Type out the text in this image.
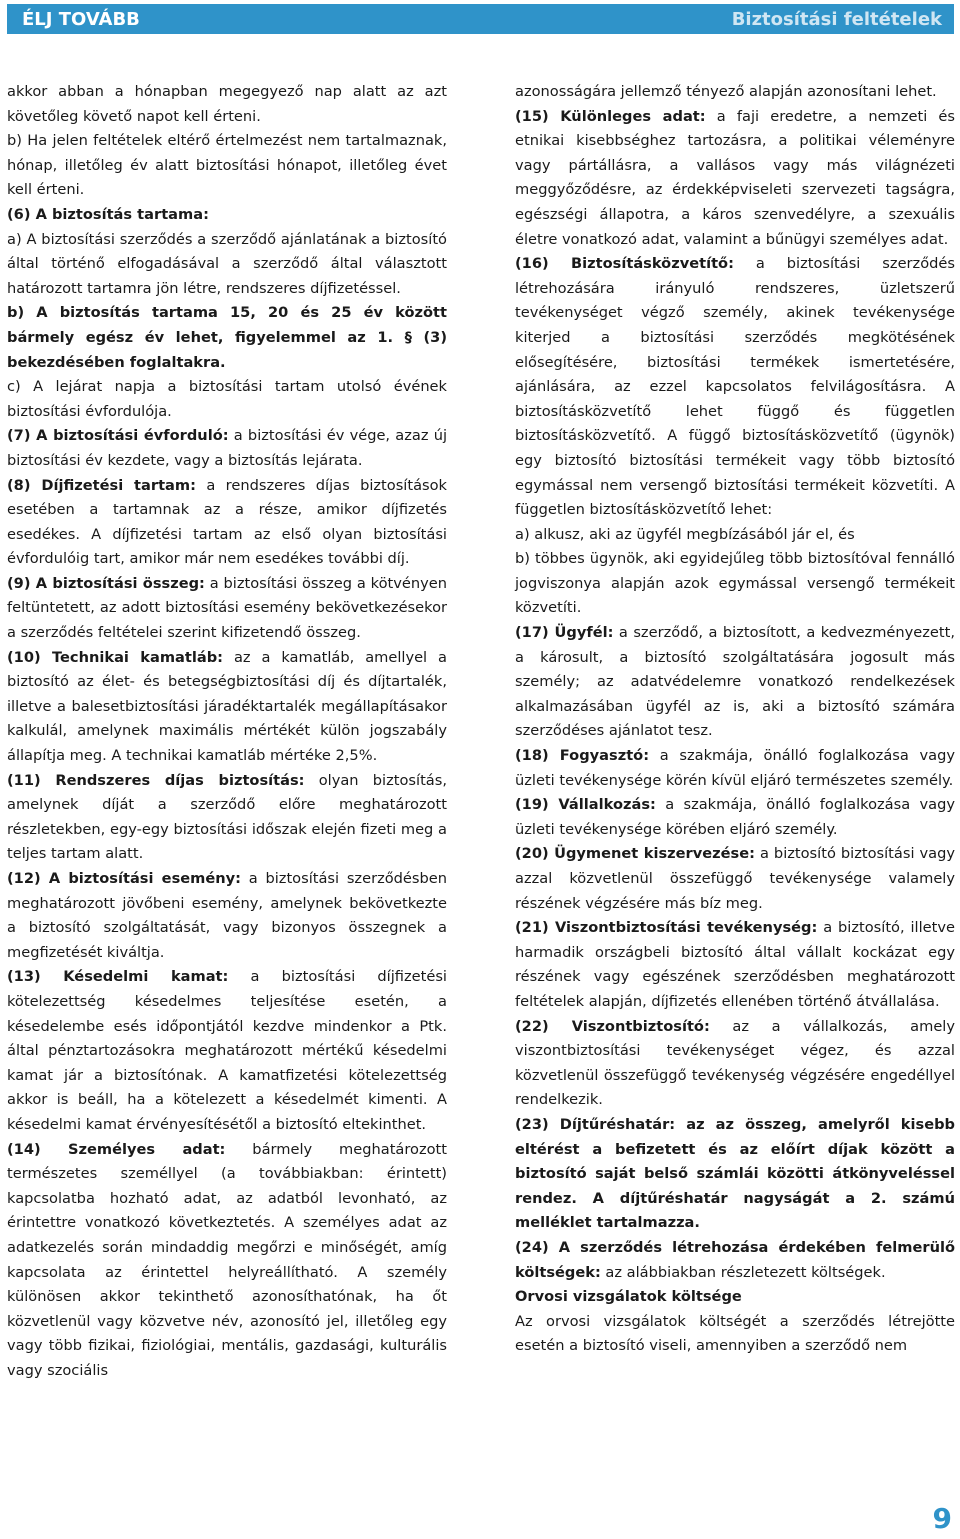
ÉLJ TOVÁBB	Biztosítási feltételek

akkor abban a hónapban megegyező nap alatt az azt követőleg követő napot kell érteni.

b) Ha jelen feltételek eltérő értelmezést nem tartalmaznak, hónap, illetőleg év alatt biztosítási hónapot, illetőleg évet kell érteni.

(6) A biztosítás tartama:

a) A biztosítási szerződés a szerződő ajánlatának a biztosító által történő elfogadásával a szerződő által választott határozott tartamra jön létre, rendszeres díjfizetéssel.

b) A biztosítás tartama 15, 20 és 25 év között bármely egész év lehet, figyelemmel az 1. § (3) bekezdésében foglaltakra.

c) A lejárat napja a biztosítási tartam utolsó évének biztosítási évfordulója.

(7) A biztosítási évforduló: a biztosítási év vége, azaz új biztosítási év kezdete, vagy a biztosítás lejárata.

(8) Díjfizetési tartam: a rendszeres díjas biztosítások esetében a tartamnak az a része, amikor díjfizetés esedékes. A díjfizetési tartam az első olyan biztosítási évfordulóig tart, amikor már nem esedékes további díj.

(9) A biztosítási összeg: a biztosítási összeg a kötvényen feltüntetett, az adott biztosítási esemény bekövetkezésekor a szerződés feltételei szerint kifizetendő összeg.

(10) Technikai kamatláb: az a kamatláb, amellyel a biztosító az élet- és betegségbiztosítási díj és díjtartalék, illetve a balesetbiztosítási járadéktartalék megállapításakor kalkulál, amelynek maximális mértékét külön jogszabály állapítja meg. A technikai kamatláb mértéke 2,5%.

(11) Rendszeres díjas biztosítás: olyan biztosítás, amelynek díját a szerződő előre meghatározott részletekben, egy-egy biztosítási időszak elején fizeti meg a teljes tartam alatt.

(12) A biztosítási esemény: a biztosítási szerződésben meghatározott jövőbeni esemény, amelynek bekövetkezte a biztosító szolgáltatását, vagy bizonyos összegnek a megfizetését kiváltja.

(13) Késedelmi kamat: a biztosítási díjfizetési kötelezettség késedelmes teljesítése esetén, a késedelembe esés időpontjától kezdve mindenkor a Ptk. által pénztartozásokra meghatározott mértékű késedelmi kamat jár a biztosítónak. A kamatfizetési kötelezettség akkor is beáll, ha a kötelezett a késedelmét kimenti. A késedelmi kamat érvényesítésétől a biztosító eltekinthet.

(14) Személyes adat: bármely meghatározott természetes személlyel (a továbbiakban: érintett) kapcsolatba hozható adat, az adatból levonható, az érintettre vonatkozó következtetés. A személyes adat az adatkezelés során mindaddig megőrzi e minőségét, amíg kapcsolata az érintettel helyreállítható. A személy különösen akkor tekinthető azonosíthatónak, ha őt közvetlenül vagy közvetve név, azonosító jel, illetőleg egy vagy több fizikai, fiziológiai, mentális, gazdasági, kulturális vagy szociális

azonosságára jellemző tényező alapján azonosítani lehet.

(15) Különleges adat: a faji eredetre, a nemzeti és etnikai kisebbséghez tartozásra, a politikai véleményre vagy pártállásra, a vallásos vagy más világnézeti meggyőződésre, az érdekképviseleti szervezeti tagságra, egészségi állapotra, a káros szenvedélyre, a szexuális életre vonatkozó adat, valamint a bűnügyi személyes adat.

(16) Biztosításközvetítő: a biztosítási szerződés létrehozására irányuló rendszeres, üzletszerű tevékenységet végző személy, akinek tevékenysége kiterjed a biztosítási szerződés megkötésének elősegítésére, biztosítási termékek ismertetésére, ajánlására, az ezzel kapcsolatos felvilágosításra. A biztosításközvetítő lehet függő és független biztosításközvetítő. A függő biztosításközvetítő (ügynök) egy biztosító biztosítási termékeit vagy több biztosító egymással nem versengő biztosítási termékeit közvetíti. A független biztosításközvetítő lehet:

a) alkusz, aki az ügyfél megbízásából jár el, és

b) többes ügynök, aki egyidejűleg több biztosítóval fennálló jogviszonya alapján azok egymással versengő termékeit közvetíti.

(17) Ügyfél: a szerződő, a biztosított, a kedvezményezett, a károsult, a biztosító szolgáltatására jogosult más személy; az adatvédelemre vonatkozó rendelkezések alkalmazásában ügyfél az is, aki a biztosító számára szerződéses ajánlatot tesz.

(18) Fogyasztó: a szakmája, önálló foglalkozása vagy üzleti tevékenysége körén kívül eljáró természetes személy.

(19) Vállalkozás: a szakmája, önálló foglalkozása vagy üzleti tevékenysége körében eljáró személy.

(20) Ügymenet kiszervezése: a biztosító biztosítási vagy azzal közvetlenül összefüggő tevékenysége valamely részének végzésére más bíz meg.

(21) Viszontbiztosítási tevékenység: a biztosító, illetve harmadik országbeli biztosító által vállalt kockázat egy részének vagy egészének szerződésben meghatározott feltételek alapján, díjfizetés ellenében történő átvállalása.

(22) Viszontbiztosító: az a vállalkozás, amely viszontbiztosítási tevékenységet végez, és azzal közvetlenül összefüggő tevékenység végzésére engedéllyel rendelkezik.

(23) Díjtűréshatár: az az összeg, amelyről kisebb eltérést a befizetett és az előírt díjak között a biztosító saját belső számlái közötti átkönyveléssel rendez. A díjtűréshatár nagyságát a 2. számú melléklet tartalmazza.

(24) A szerződés létrehozása érdekében felmerülő költségek: az alábbiakban részletezett költségek.

Orvosi vizsgálatok költsége

Az orvosi vizsgálatok költségét a szerződés létrejötte esetén a biztosító viseli, amennyiben a szerződő nem

9
